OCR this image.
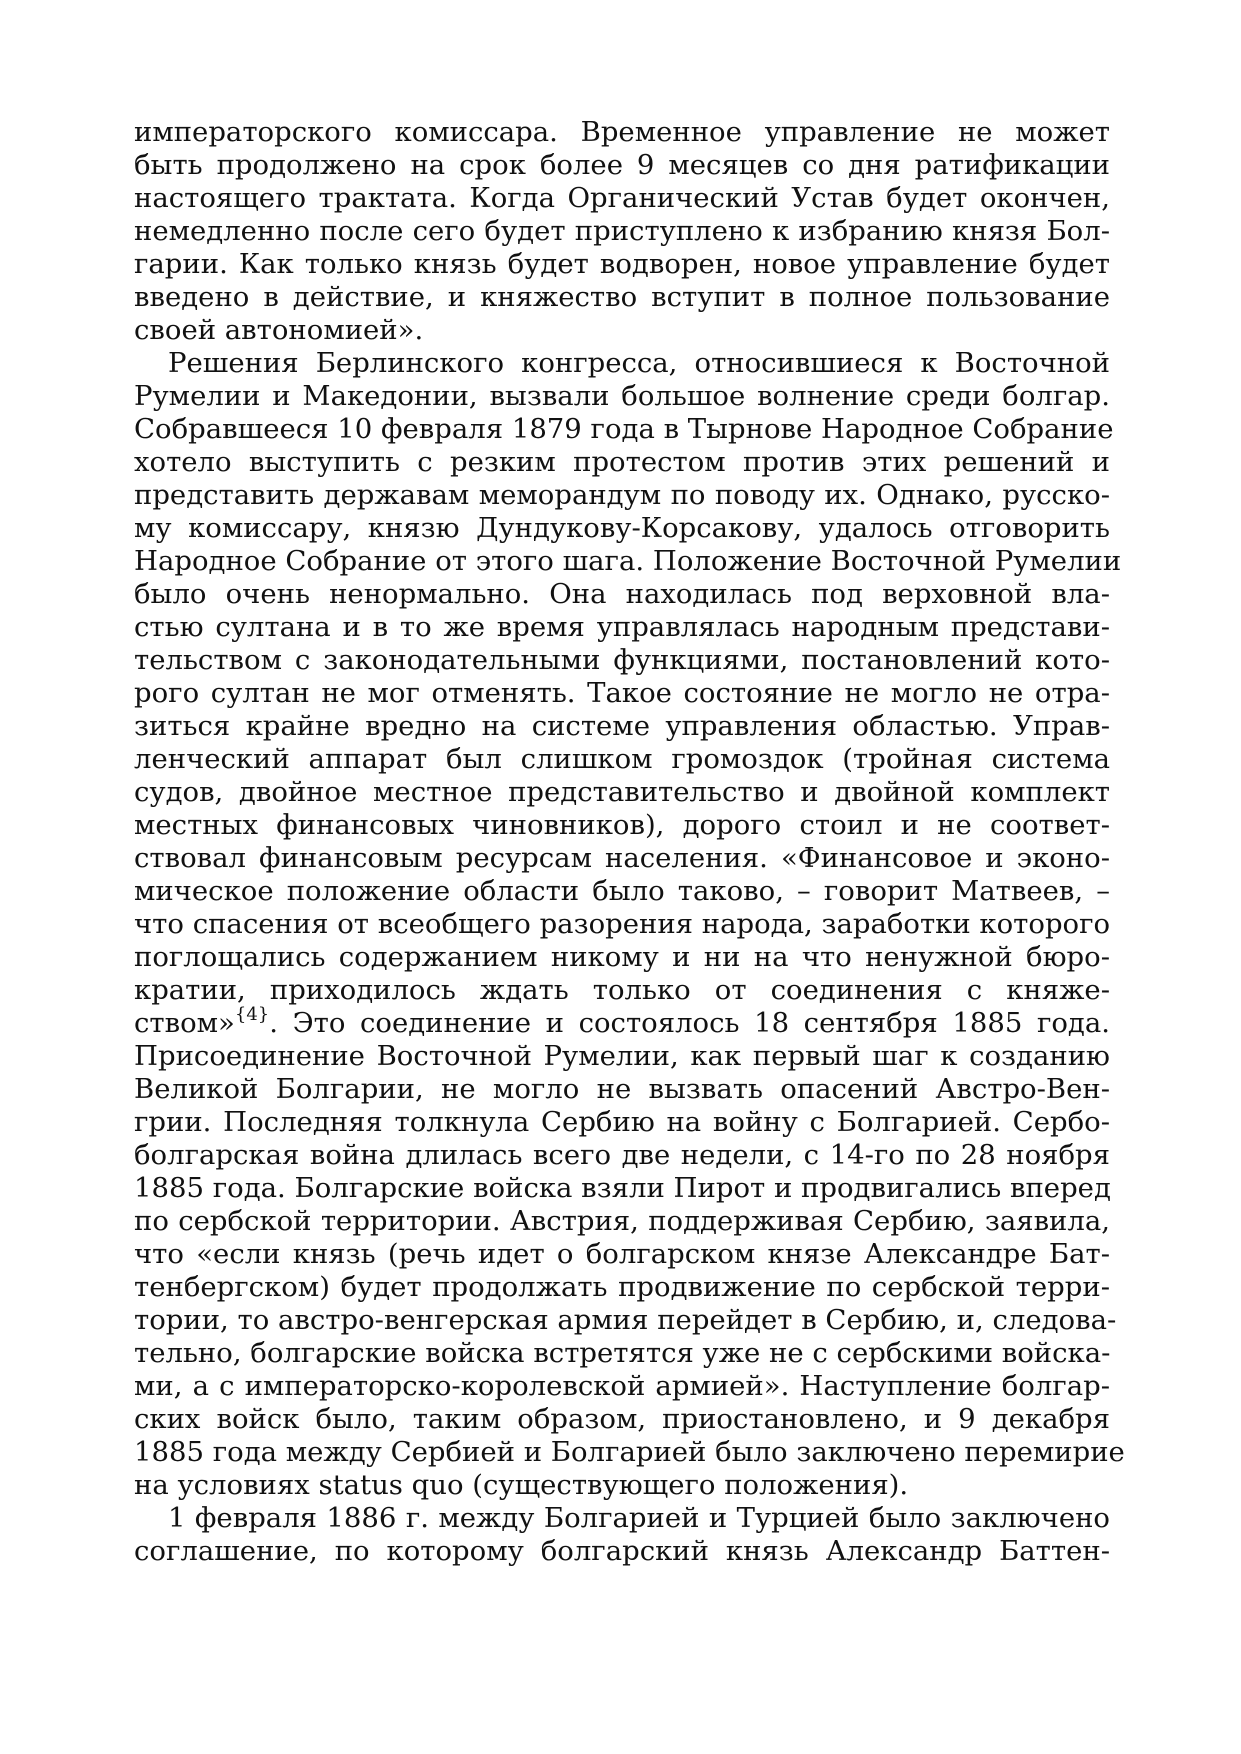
императорского комиссара. Временное управление не может
быть продолжено на срок более 9 месяцев со дня ратификации
настоящего трактата. Когда Органический Устав будет окончен,
немедленно после сего будет приступлено к избранию князя Бол-
гарии. Как только князь будет водворен, новое управление будет
введено в действие, и княжество вступит в полное пользование
своей автономией».
Решения Берлинского конгресса, относившиеся к Восточной
Румелии и Македонии, вызвали большое волнение среди болгар.
Собравшееся 10 февраля 1879 года в Тырнове Народное Собрание
хотело выступить с резким протестом против этих решений и
представить державам меморандум по поводу их. Однако, русско-
му комиссару, князю Дундукову-Корсакову, удалось отговорить
Народное Собрание от этого шага. Положение Восточной Румелии
было очень ненормально. Она находилась под верховной вла-
стью султана и в то же время управлялась народным представи-
тельством с законодательными функциями, постановлений кото-
рого султан не мог отменять. Такое состояние не могло не отра-
зиться крайне вредно на системе управления областью. Управ-
ленческий аппарат был слишком громоздок (тройная система
судов, двойное местное представительство и двойной комплект
местных финансовых чиновников), дорого стоил и не соответ-
ствовал финансовым ресурсам населения. «Финансовое и эконо-
мическое положение области было таково, – говорит Матвеев, –
что спасения от всеобщего разорения народа, заработки которого
поглощались содержанием никому и ни на что ненужной бюро-
кратии, приходилось ждать только от соединения с княже-
ством»$^{\{4\}}$. Это соединение и состоялось 18 сентября 1885 года.
Присоединение Восточной Румелии, как первый шаг к созданию
Великой Болгарии, не могло не вызвать опасений Австро-Вен-
грии. Последняя толкнула Сербию на войну с Болгарией. Сербо-
болгарская война длилась всего две недели, с 14-го по 28 ноября
1885 года. Болгарские войска взяли Пирот и продвигались вперед
по сербской территории. Австрия, поддерживая Сербию, заявила,
что «если князь (речь идет о болгарском князе Александре Бат-
тенбергском) будет продолжать продвижение по сербской терри-
тории, то австро-венгерская армия перейдет в Сербию, и, следова-
тельно, болгарские войска встретятся уже не с сербскими войска-
ми, а с императорско-королевской армией». Наступление болгар-
ских войск было, таким образом, приостановлено, и 9 декабря
1885 года между Сербией и Болгарией было заключено перемирие
на условиях status quo (существующего положения).
1 февраля 1886 г. между Болгарией и Турцией было заключено
соглашение, по которому болгарский князь Александр Баттен-
